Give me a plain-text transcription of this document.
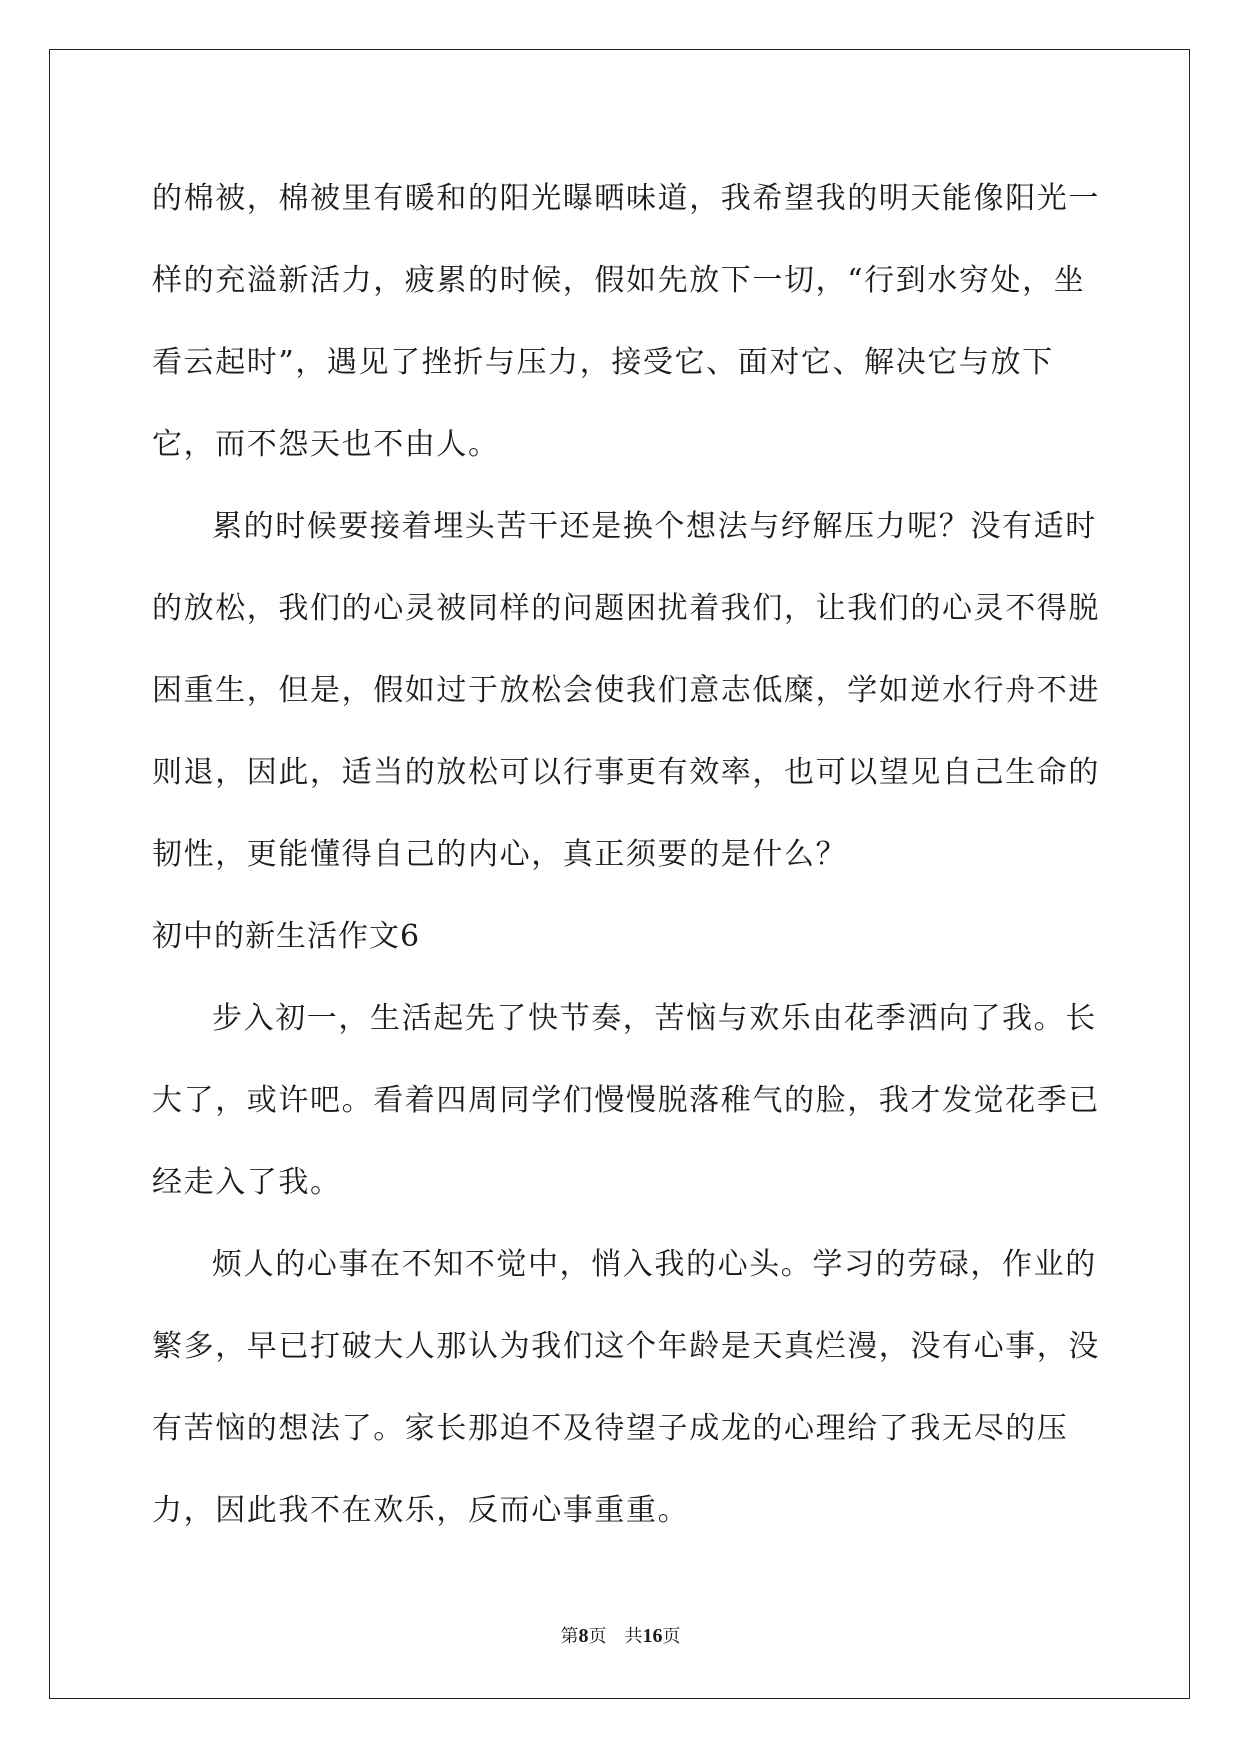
的棉被，棉被里有暖和的阳光曝晒味道，我希望我的明天能像阳光一样的充溢新活力，疲累的时候，假如先放下一切，“行到水穷处，坐看云起时”，遇见了挫折与压力，接受它、面对它、解决它与放下它，而不怨天也不由人。

累的时候要接着埋头苦干还是换个想法与纾解压力呢？没有适时的放松，我们的心灵被同样的问题困扰着我们，让我们的心灵不得脱困重生，但是，假如过于放松会使我们意志低糜，学如逆水行舟不进则退，因此，适当的放松可以行事更有效率，也可以望见自己生命的韧性，更能懂得自己的内心，真正须要的是什么？

初中的新生活作文6

步入初一，生活起先了快节奏，苦恼与欢乐由花季洒向了我。长大了，或许吧。看着四周同学们慢慢脱落稚气的脸，我才发觉花季已经走入了我。

烦人的心事在不知不觉中，悄入我的心头。学习的劳碌，作业的繁多，早已打破大人那认为我们这个年龄是天真烂漫，没有心事，没有苦恼的想法了。家长那迫不及待望子成龙的心理给了我无尽的压力，因此我不在欢乐，反而心事重重。

第8页 共16页
